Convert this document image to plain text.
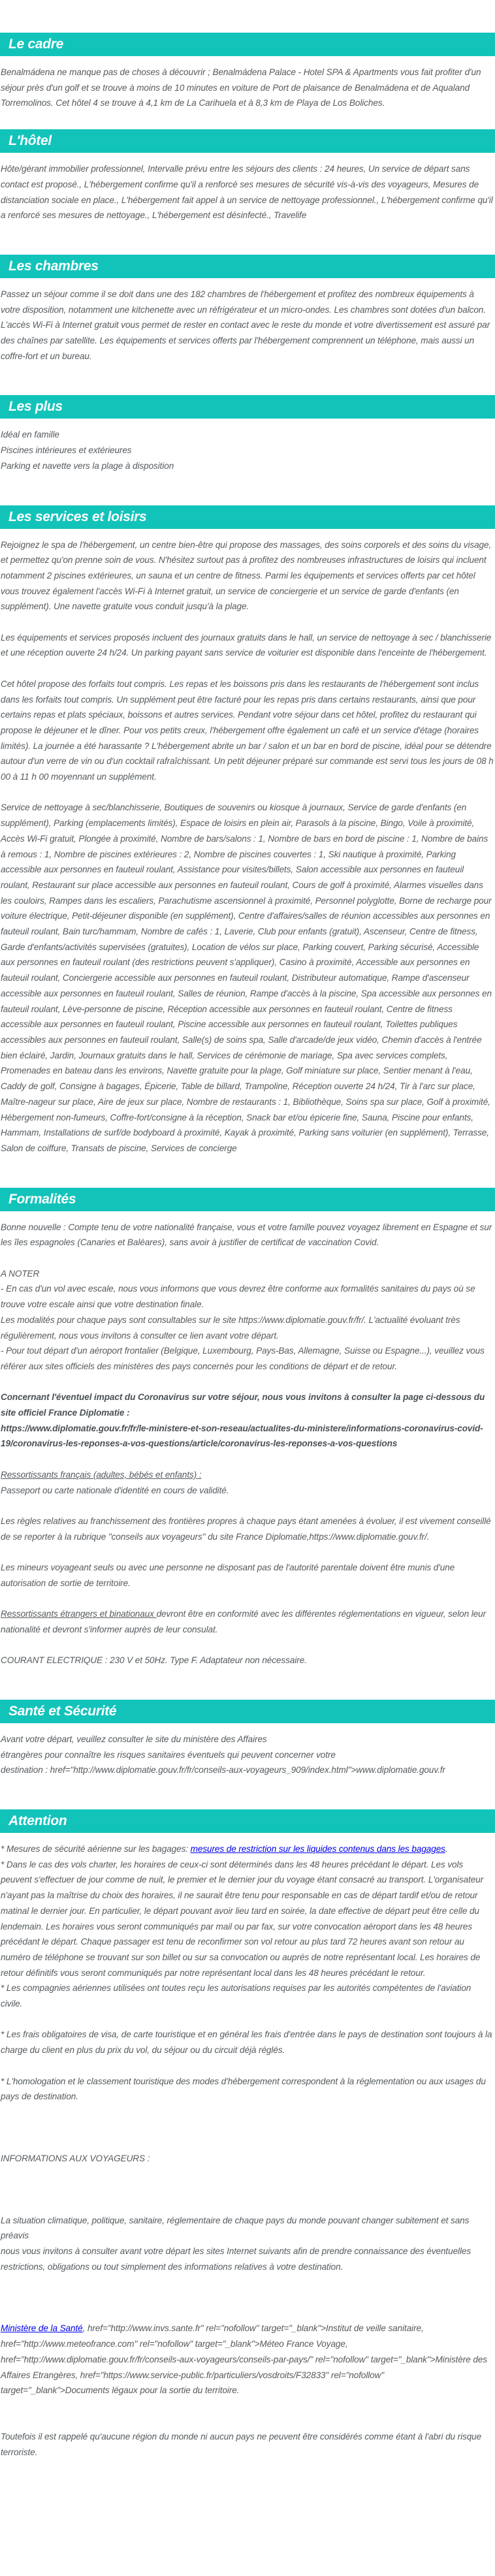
Le cadre

Benalmádena ne manque pas de choses à découvrir ; Benalmádena Palace - Hotel SPA & Apartments vous fait profiter d'un séjour près d'un golf et se trouve à moins de 10 minutes en voiture de Port de plaisance de Benalmádena et de Aqualand Torremolinos. Cet hôtel 4 se trouve à 4,1 km de La Carihuela et à 8,3 km de Playa de Los Boliches.

L'hôtel

Hôte/gérant immobilier professionnel, Intervalle prévu entre les séjours des clients : 24 heures, Un service de départ sans contact est proposé., L'hébergement confirme qu'il a renforcé ses mesures de sécurité vis-à-vis des voyageurs, Mesures de distanciation sociale en place., L'hébergement fait appel à un service de nettoyage professionnel., L'hébergement confirme qu'il a renforcé ses mesures de nettoyage., L'hébergement est désinfecté., Travelife

Les chambres

Passez un séjour comme il se doit dans une des 182 chambres de l'hébergement et profitez des nombreux équipements à votre disposition, notamment une kitchenette avec un réfrigérateur et un micro-ondes. Les chambres sont dotées d'un balcon. L'accès Wi-Fi à Internet gratuit vous permet de rester en contact avec le reste du monde et votre divertissement est assuré par des chaînes par satellite. Les équipements et services offerts par l'hébergement comprennent un téléphone, mais aussi un coffre-fort et un bureau.

Les plus

Idéal en famille

Piscines intérieures et extérieures

Parking et navette vers la plage à disposition

Les services et loisirs

Rejoignez le spa de l'hébergement, un centre bien-être qui propose des massages, des soins corporels et des soins du visage, et permettez qu'on prenne soin de vous. N'hésitez surtout pas à profitez des nombreuses infrastructures de loisirs qui incluent notamment 2 piscines extérieures, un sauna et un centre de fitness. Parmi les équipements et services offerts par cet hôtel vous trouvez également l'accès Wi-Fi à Internet gratuit, un service de conciergerie et un service de garde d'enfants (en supplément). Une navette gratuite vous conduit jusqu'à la plage.

Les équipements et services proposés incluent des journaux gratuits dans le hall, un service de nettoyage à sec / blanchisserie et une réception ouverte 24 h/24. Un parking payant sans service de voiturier est disponible dans l'enceinte de l'hébergement.

Cet hôtel propose des forfaits tout compris. Les repas et les boissons pris dans les restaurants de l'hébergement sont inclus dans les forfaits tout compris. Un supplément peut être facturé pour les repas pris dans certains restaurants, ainsi que pour certains repas et plats spéciaux, boissons et autres services. Pendant votre séjour dans cet hôtel, profitez du restaurant qui propose le déjeuner et le dîner. Pour vos petits creux, l'hébergement offre également un café et un service d'étage (horaires limités). La journée a été harassante ? L'hébergement abrite un bar / salon et un bar en bord de piscine, idéal pour se détendre autour d'un verre de vin ou d'un cocktail rafraîchissant. Un petit déjeuner préparé sur commande est servi tous les jours de 08 h 00 à 11 h 00 moyennant un supplément.

Service de nettoyage à sec/blanchisserie, Boutiques de souvenirs ou kiosque à journaux, Service de garde d'enfants (en supplément), Parking (emplacements limités), Espace de loisirs en plein air, Parasols à la piscine, Bingo, Voile à proximité, Accès Wi-Fi gratuit, Plongée à proximité, Nombre de bars/salons : 1, Nombre de bars en bord de piscine : 1, Nombre de bains à remous : 1, Nombre de piscines extérieures : 2, Nombre de piscines couvertes : 1, Ski nautique à proximité, Parking accessible aux personnes en fauteuil roulant, Assistance pour visites/billets, Salon accessible aux personnes en fauteuil roulant, Restaurant sur place accessible aux personnes en fauteuil roulant, Cours de golf à proximité, Alarmes visuelles dans les couloirs, Rampes dans les escaliers, Parachutisme ascensionnel à proximité, Personnel polyglotte, Borne de recharge pour voiture électrique, Petit-déjeuner disponible (en supplément), Centre d'affaires/salles de réunion accessibles aux personnes en fauteuil roulant, Bain turc/hammam, Nombre de cafés : 1, Laverie, Club pour enfants (gratuit), Ascenseur, Centre de fitness, Garde d'enfants/activités supervisées (gratuites), Location de vélos sur place, Parking couvert, Parking sécurisé, Accessible aux personnes en fauteuil roulant (des restrictions peuvent s'appliquer), Casino à proximité, Accessible aux personnes en fauteuil roulant, Conciergerie accessible aux personnes en fauteuil roulant, Distributeur automatique, Rampe d'ascenseur accessible aux personnes en fauteuil roulant, Salles de réunion, Rampe d'accès à la piscine, Spa accessible aux personnes en fauteuil roulant, Lève-personne de piscine, Réception accessible aux personnes en fauteuil roulant, Centre de fitness accessible aux personnes en fauteuil roulant, Piscine accessible aux personnes en fauteuil roulant, Toilettes publiques accessibles aux personnes en fauteuil roulant, Salle(s) de soins spa, Salle d'arcade/de jeux vidéo, Chemin d'accès à l'entrée bien éclairé, Jardin, Journaux gratuits dans le hall, Services de cérémonie de mariage, Spa avec services complets, Promenades en bateau dans les environs, Navette gratuite pour la plage, Golf miniature sur place, Sentier menant à l'eau, Caddy de golf, Consigne à bagages, Épicerie, Table de billard, Trampoline, Réception ouverte 24 h/24, Tir à l'arc sur place, Maître-nageur sur place, Aire de jeux sur place, Nombre de restaurants : 1, Bibliothèque, Soins spa sur place, Golf à proximité, Hébergement non-fumeurs, Coffre-fort/consigne à la réception, Snack bar et/ou épicerie fine, Sauna, Piscine pour enfants, Hammam, Installations de surf/de bodyboard à proximité, Kayak à proximité, Parking sans voiturier (en supplément), Terrasse, Salon de coiffure, Transats de piscine, Services de concierge

Formalités

Bonne nouvelle : Compte tenu de votre nationalité française, vous et votre famille pouvez voyagez librement en Espagne et sur les îles espagnoles (Canaries et Baléares), sans avoir à justifier de certificat de vaccination Covid.

A NOTER

- En cas d'un vol avec escale, nous vous informons que vous devrez être conforme aux formalités sanitaires du pays où se trouve votre escale ainsi que votre destination finale.

Les modalités pour chaque pays sont consultables sur le site https://www.diplomatie.gouv.fr/fr/. L'actualité évoluant très régulièrement, nous vous invitons à consulter ce lien avant votre départ.

- Pour tout départ d'un aéroport frontalier (Belgique, Luxembourg, Pays-Bas, Allemagne, Suisse ou Espagne...), veuillez vous référer aux sites officiels des ministères des pays concernés pour les conditions de départ et de retour.

Concernant l'éventuel impact du Coronavirus sur votre séjour, nous vous invitons à consulter la page ci-dessous du site officiel France Diplomatie :

https://www.diplomatie.gouv.fr/fr/le-ministere-et-son-reseau/actualites-du-ministere/informations-coronavirus-covid-19/coronavirus-les-reponses-a-vos-questions/article/coronavirus-les-reponses-a-vos-questions

Ressortissants français (adultes, bébés et enfants) :

Passeport ou carte nationale d'identité en cours de validité.

Les règles relatives au franchissement des frontières propres à chaque pays étant amenées à évoluer, il est vivement conseillé de se reporter à la rubrique "conseils aux voyageurs" du site France Diplomatie,https://www.diplomatie.gouv.fr/.

Les mineurs voyageant seuls ou avec une personne ne disposant pas de l'autorité parentale doivent être munis d'une autorisation de sortie de territoire.

Ressortissants étrangers et binationaux devront être en conformité avec les différentes réglementations en vigueur, selon leur nationalité et devront s'informer auprès de leur consulat.

COURANT ELECTRIQUE : 230 V et 50Hz. Type F. Adaptateur non nécessaire.

Santé et Sécurité

Avant votre départ, veuillez consulter le site du ministère des Affaires

étrangères pour connaître les risques sanitaires éventuels qui peuvent concerner votre

destination : href="http://www.diplomatie.gouv.fr/fr/conseils-aux-voyageurs_909/index.html">www.diplomatie.gouv.fr

Attention

* Mesures de sécurité aérienne sur les bagages: mesures de restriction sur les liquides contenus dans les bagages.

* Dans le cas des vols charter, les horaires de ceux-ci sont déterminés dans les 48 heures précédant le départ. Les vols peuvent s'effectuer de jour comme de nuit, le premier et le dernier jour du voyage étant consacré au transport. L'organisateur n'ayant pas la maîtrise du choix des horaires, il ne saurait être tenu pour responsable en cas de départ tardif et/ou de retour matinal le dernier jour. En particulier, le départ pouvant avoir lieu tard en soirée, la date effective de départ peut être celle du lendemain. Les horaires vous seront communiqués par mail ou par fax, sur votre convocation aéroport dans les 48 heures précédant le départ. Chaque passager est tenu de reconfirmer son vol retour au plus tard 72 heures avant son retour au numéro de téléphone se trouvant sur son billet ou sur sa convocation ou auprés de notre représentant local. Les horaires de retour définitifs vous seront communiqués par notre représentant local dans les 48 heures précédant le retour.

* Les compagnies aériennes utilisées ont toutes reçu les autorisations requises par les autorités compétentes de l'aviation civile.

* Les frais obligatoires de visa, de carte touristique et en général les frais d'entrée dans le pays de destination sont toujours à la charge du client en plus du prix du vol, du séjour ou du circuit déjà réglés.

* L'homologation et le classement touristique des modes d'hébergement correspondent à la réglementation ou aux usages du pays de destination.

INFORMATIONS AUX VOYAGEURS :

La situation climatique, politique, sanitaire, réglementaire de chaque pays du monde pouvant changer subitement et sans préavis

nous vous invitons à consulter avant votre départ les sites Internet suivants afin de prendre connaissance des éventuelles restrictions, obligations ou tout simplement des informations relatives à votre destination.

Ministère de la Santé, href="http://www.invs.sante.fr" rel="nofollow" target="_blank">Institut de veille sanitaire, href="http://www.meteofrance.com" rel="nofollow" target="_blank">Méteo France Voyage, href="http://www.diplomatie.gouv.fr/fr/conseils-aux-voyageurs/conseils-par-pays/" rel="nofollow" target="_blank">Ministère des Affaires Etrangères, href="https://www.service-public.fr/particuliers/vosdroits/F32833" rel="nofollow" target="_blank">Documents légaux pour la sortie du territoire.

Toutefois il est rappelé qu'aucune région du monde ni aucun pays ne peuvent être considérés comme étant à l'abri du risque terroriste.
